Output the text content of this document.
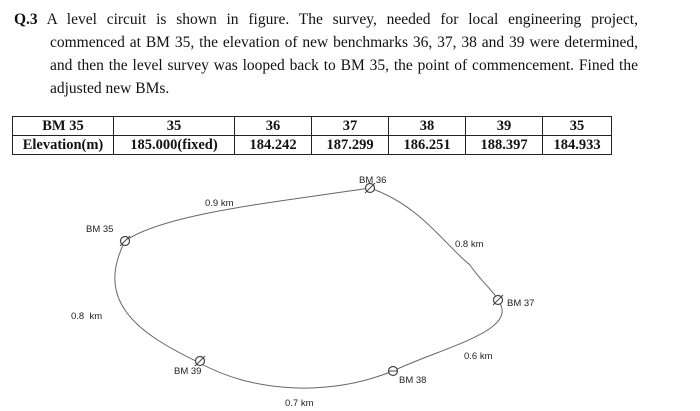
Q.3 A level circuit is shown in figure. The survey, needed for local engineering project,
commenced at BM 35, the elevation of new benchmarks 36, 37, 38 and 39 were determined, and then the level survey was looped back to BM 35, the point of commencement. Fined the adjusted new BMs.
BM 35	35	36	37	38	39	35
Elevation(m)	185.000(fixed)	184.242	187.299	186.251	188.397	184.933
BM 35
BM 36
BM 37
BM 38
BM 39
0.9 km
0.8 km
0.6 km
0.7 km
0.8  km
